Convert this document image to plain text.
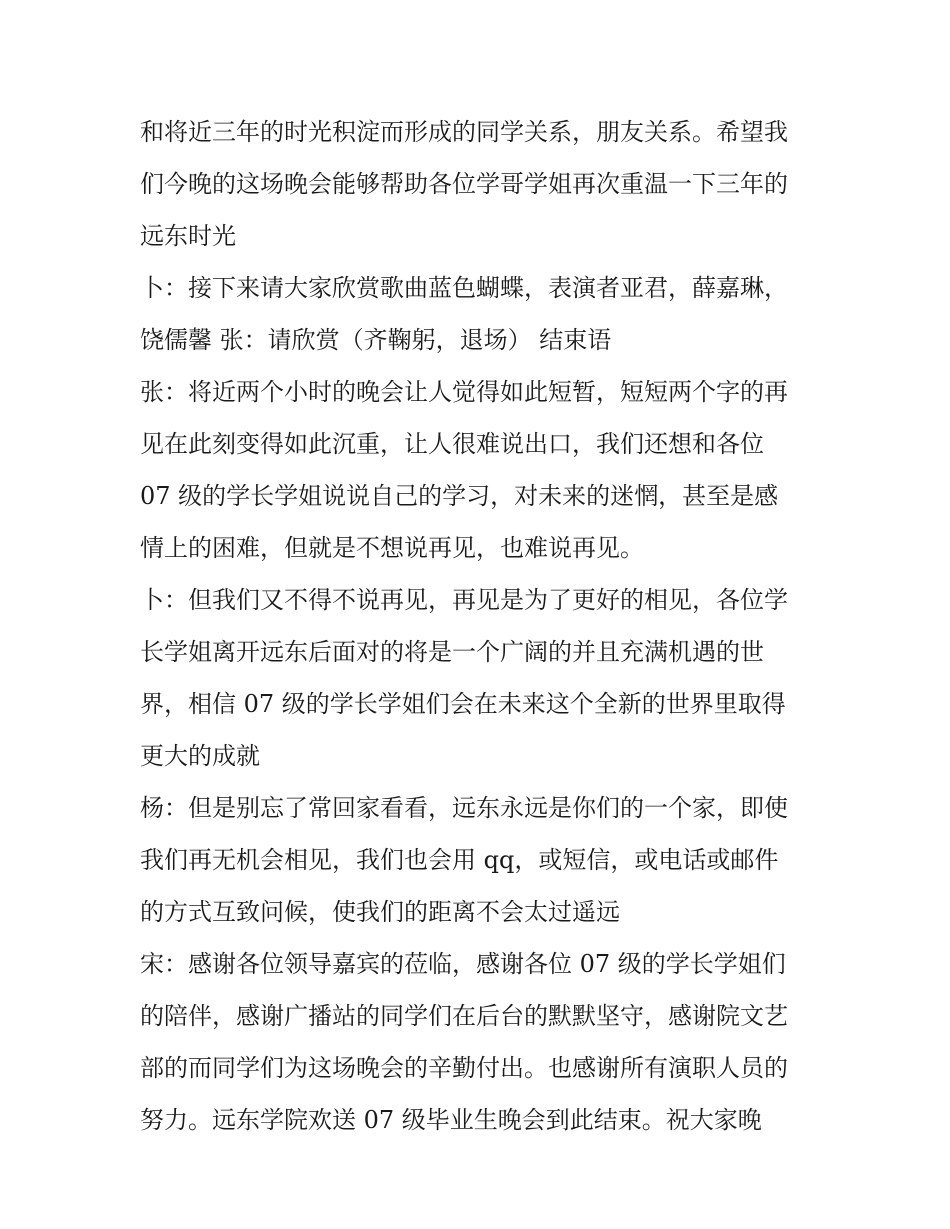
和将近三年的时光积淀而形成的同学关系，朋友关系。希望我
们今晚的这场晚会能够帮助各位学哥学姐再次重温一下三年的
远东时光
卜：接下来请大家欣赏歌曲蓝色蝴蝶，表演者亚君，薛嘉琳，
饶儒馨 张：请欣赏（齐鞠躬，退场） 结束语
张：将近两个小时的晚会让人觉得如此短暂，短短两个字的再
见在此刻变得如此沉重，让人很难说出口，我们还想和各位
07 级的学长学姐说说自己的学习，对未来的迷惘，甚至是感
情上的困难，但就是不想说再见，也难说再见。
卜：但我们又不得不说再见，再见是为了更好的相见，各位学
长学姐离开远东后面对的将是一个广阔的并且充满机遇的世
界，相信 07 级的学长学姐们会在未来这个全新的世界里取得
更大的成就
杨：但是别忘了常回家看看，远东永远是你们的一个家，即使
我们再无机会相见，我们也会用 qq，或短信，或电话或邮件
的方式互致问候，使我们的距离不会太过遥远
宋：感谢各位领导嘉宾的莅临，感谢各位 07 级的学长学姐们
的陪伴，感谢广播站的同学们在后台的默默坚守，感谢院文艺
部的而同学们为这场晚会的辛勤付出。也感谢所有演职人员的
努力。远东学院欢送 07 级毕业生晚会到此结束。祝大家晚
